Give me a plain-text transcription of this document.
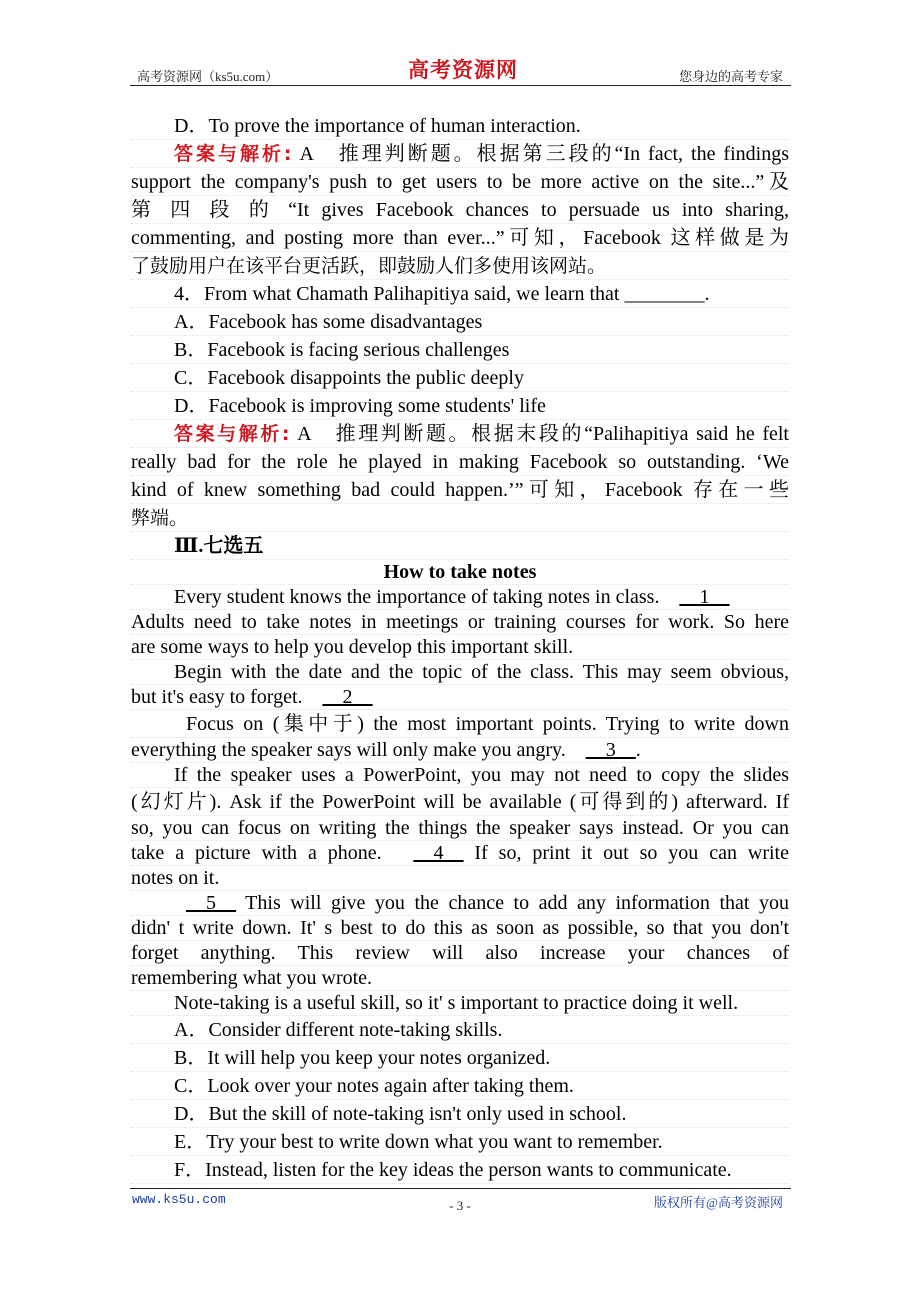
高考资源网（ks5u.com）	高考资源网	您身边的高考专家
D．To prove the importance of human interaction.
答案与解析: A　推理判断题。根据第三段的“In fact, the findings
support the company's push to get users to be more active on the site...”及
第 四 段 的 “It gives Facebook chances to persuade us into sharing,
commenting, and posting more than ever...”可知，Facebook 这样做是为
了鼓励用户在该平台更活跃，即鼓励人们多使用该网站。
4．From what Chamath Palihapitiya said, we learn that ________.
A．Facebook has some disadvantages
B．Facebook is facing serious challenges
C．Facebook disappoints the public deeply
D．Facebook is improving some students' life
答案与解析: A　推理判断题。根据末段的“Palihapitiya said he felt
really bad for the role he played in making Facebook so outstanding. ‘We
kind of knew something bad could happen.’”可知，Facebook 存在一些
弊端。
Ⅲ.七选五
How to take notes
Every student knows the importance of taking notes in class.　__1__
Adults need to take notes in meetings or training courses for work. So here
are some ways to help you develop this important skill.
Begin with the date and the topic of the class. This may seem obvious,
but it's easy to forget.　__2__
Focus on (集中于) the most important points. Trying to write down
everything the speaker says will only make you angry.　__3__.
If the speaker uses a PowerPoint, you may not need to copy the slides
(幻灯片). Ask if the PowerPoint will be available (可得到的) afterward. If
so, you can focus on writing the things the speaker says instead. Or you can
take a picture with a phone.　__4__ If so, print it out so you can write
notes on it.
__5__ This will give you the chance to add any information that you
didn' t write down. It' s best to do this as soon as possible, so that you don't
forget anything. This review will also increase your chances of
remembering what you wrote.
Note-taking is a useful skill, so it' s important to practice doing it well.
A．Consider different note-taking skills.
B．It will help you keep your notes organized.
C．Look over your notes again after taking them.
D．But the skill of note-taking isn't only used in school.
E．Try your best to write down what you want to remember.
F．Instead, listen for the key ideas the person wants to communicate.
www.ks5u.com	- 3 -	版权所有@高考资源网
